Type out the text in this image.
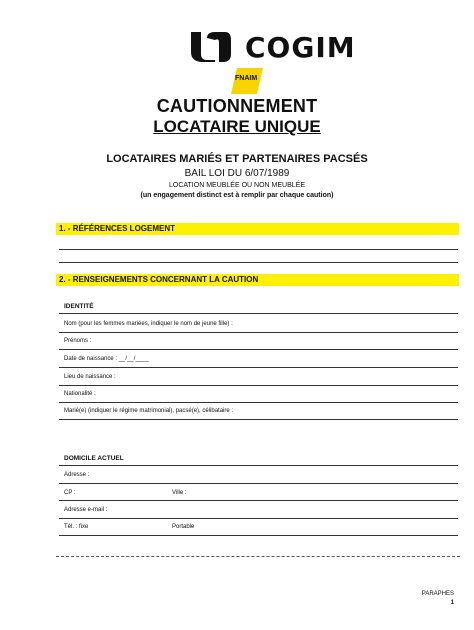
COGIM
FNAIM
CAUTIONNEMENT
LOCATAIRE UNIQUE
LOCATAIRES MARIÉS ET PARTENAIRES PACSÉS
BAIL LOI DU 6/07/1989
LOCATION MEUBLÉE OU NON MEUBLÉE
(un engagement distinct est à remplir par chaque caution)
1. - RÉFÉRENCES LOGEMENT
2. - RENSEIGNEMENTS CONCERNANT LA CAUTION
IDENTITÉ
Nom (pour les femmes mariées, indiquer le nom de jeune fille) :
Prénoms :
Date de naissance : __/__/____
Lieu de naissance :
Nationalité :
Marié(e) (indiquer le régime matrimonial), pacsé(e), célibataire :
DOMICILE ACTUEL
Adresse :
CP :	Ville :
Adresse e-mail :
Tél. : fixe	Portable
PARAPHES
1
